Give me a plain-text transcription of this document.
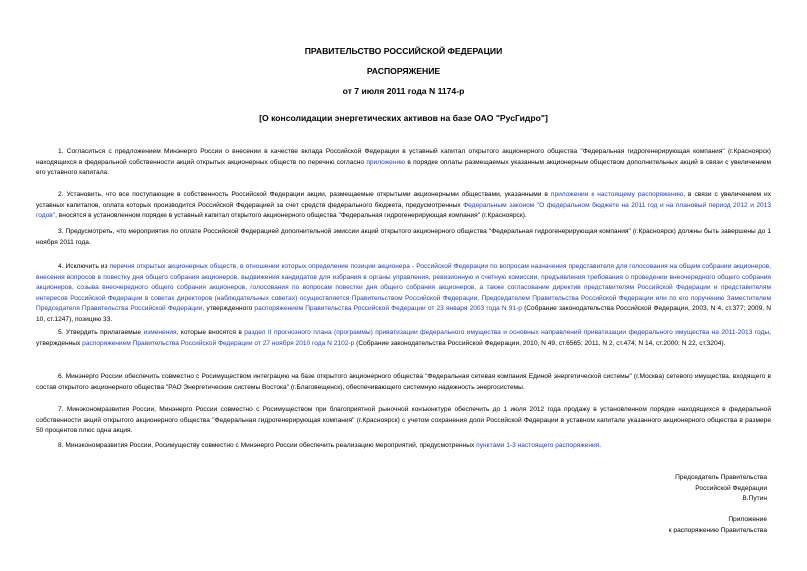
ПРАВИТЕЛЬСТВО РОССИЙСКОЙ ФЕДЕРАЦИИ
РАСПОРЯЖЕНИЕ
от 7 июля 2011 года N 1174-р
[О консолидации энергетических активов на базе ОАО "РусГидро"]

1. Согласиться с предложением Минэнерго России о внесении в качестве вклада Российской Федерации в уставный капитал открытого акционерного общества "Федеральная гидрогенерирующая компания" (г.Красноярск) находящихся в федеральной собственности акций открытых акционерных обществ по перечню согласно приложению в порядке оплаты размещаемых указанным акционерным обществом дополнительных акций в связи с увеличением его уставного капитала.

2. Установить, что все поступающие в собственность Российской Федерации акции, размещаемые открытыми акционерными обществами, указанными в приложении к настоящему распоряжению, в связи с увеличением их уставных капиталов, оплата которых производится Российской Федерацией за счет средств федерального бюджета, предусмотренных Федеральным законом "О федеральном бюджете на 2011 год и на плановый период 2012 и 2013 годов", вносятся в установленном порядке в уставный капитал открытого акционерного общества "Федеральная гидрогенерирующая компания" (г.Красноярск).

3. Предусмотреть, что мероприятия по оплате Российской Федерацией дополнительной эмиссии акций открытого акционерного общества "Федеральная гидрогенерирующая компания" (г.Красноярск) должны быть завершены до 1 ноября 2011 года.

4. Исключить из перечня открытых акционерных обществ, в отношении которых определение позиции акционера - Российской Федерации по вопросам назначения представителя для голосования на общем собрании акционеров, внесения вопросов в повестку дня общего собрания акционеров, выдвижения кандидатов для избрания в органы управления, ревизионную и счетную комиссии, предъявления требования о проведении внеочередного общего собрания акционеров, созыва внеочередного общего собрания акционеров, голосования по вопросам повестки дня общего собрания акционеров, а также согласование директив представителям Российской Федерации и представителям интересов Российской Федерации в советах директоров (наблюдательных советах) осуществляется Правительством Российской Федерации, Председателем Правительства Российской Федерации или по его поручению Заместителем Председателя Правительства Российской Федерации, утвержденного распоряжением Правительства Российской Федерации от 23 января 2003 года N 91-р (Собрание законодательства Российской Федерации, 2003, N 4, ст.377; 2009, N 10, ст.1247), позицию 33.

5. Утвердить прилагаемые изменения, которые вносятся в раздел II прогнозного плана (программы) приватизации федерального имущества и основных направлений приватизации федерального имущества на 2011-2013 годы, утвержденных распоряжением Правительства Российской Федерации от 27 ноября 2010 года N 2102-р (Собрание законодательства Российской Федерации, 2010, N 49, ст.6565; 2011, N 2, ст.474; N 14, ст.2000; N 22, ст.3204).

6. Минэнерго России обеспечить совместно с Росимуществом интеграцию на базе открытого акционерного общества "Федеральная сетевая компания Единой энергетической системы" (г.Москва) сетевого имущества, входящего в состав открытого акционерного общества "РАО Энергетические системы Востока" (г.Благовещенск), обеспечивающего системную надежность энергосистемы.

7. Минэкономразвития России, Минэнерго России совместно с Росимуществом при благоприятной рыночной конъюнктуре обеспечить до 1 июля 2012 года продажу в установленном порядке находящихся в федеральной собственности акций открытого акционерного общества "Федеральная гидрогенерирующая компания" (г.Красноярск) с учетом сохранения доли Российской Федерации в уставном капитале указанного акционерного общества в размере 50 процентов плюс одна акция.

8. Минэкономразвития России, Росимуществу совместно с Минэнерго России обеспечить реализацию мероприятий, предусмотренных пунктами 1-3 настоящего распоряжения.

Председатель Правительства
Российской Федерации
В.Путин
Приложение
к распоряжению Правительства
